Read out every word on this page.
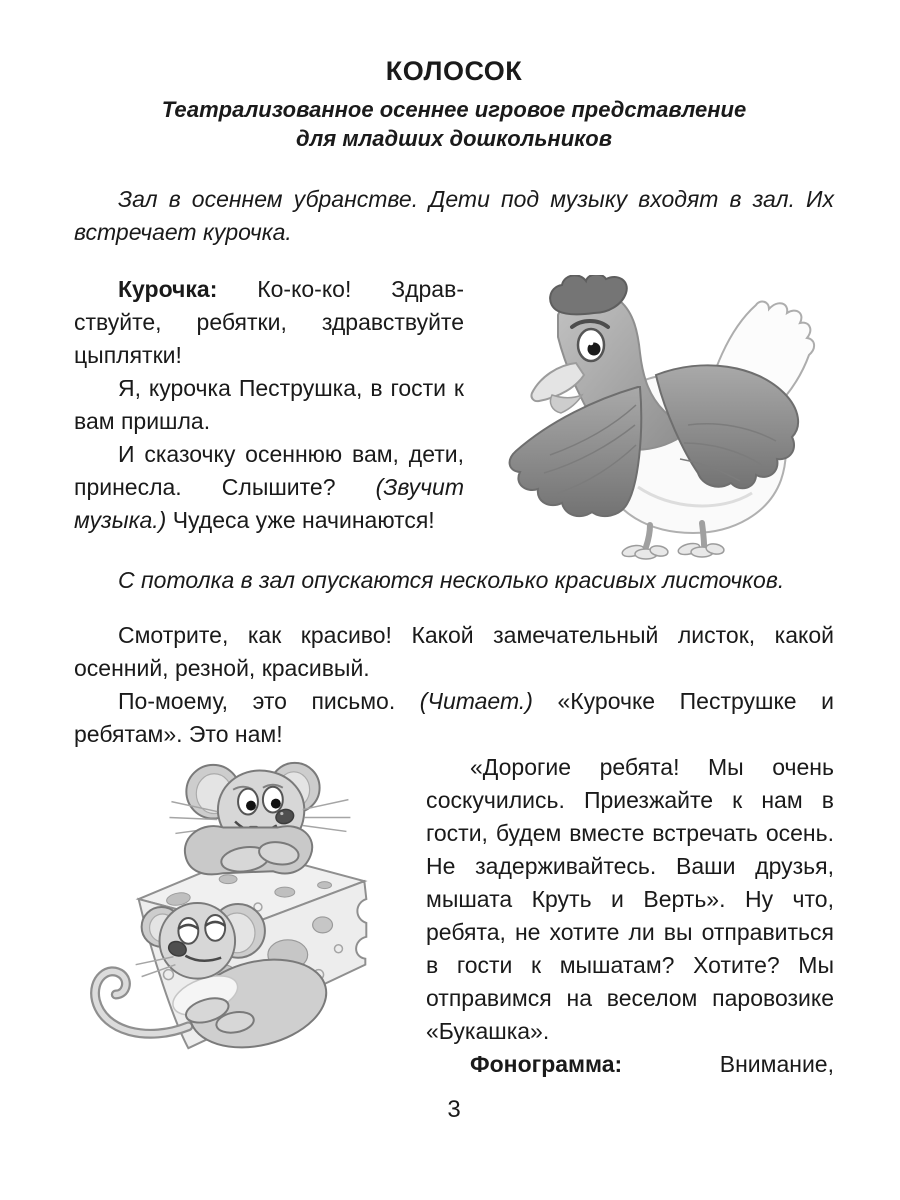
КОЛОСОК
Театрализованное осеннее игровое представление
для младших дошкольников

Зал в осеннем убранстве. Дети под музыку входят в зал. Их встречает курочка.

Курочка: Ко-ко-ко! Здравствуйте, ребятки, здравствуйте цыплятки!

Я, курочка Пеструшка, в гости к вам пришла.

И сказочку осеннюю вам, дети, принесла. Слышите? (Звучит музыка.) Чудеса уже начинаются!

С потолка в зал опускаются несколько красивых листочков.

Смотрите, как красиво! Какой замечательный листок, какой осенний, резной, красивый.

По-моему, это письмо. (Читает.) «Курочке Пеструшке и ребятам». Это нам!

«Дорогие ребята! Мы очень соскучились. Приезжайте к нам в гости, будем вместе встречать осень. Не задерживайтесь. Ваши друзья, мышата Круть и Верть». Ну что, ребята, не хотите ли вы отправиться в гости к мышатам? Хотите? Мы отправимся на веселом паровозике «Букашка».

Фонограмма:	Внимание,
3
